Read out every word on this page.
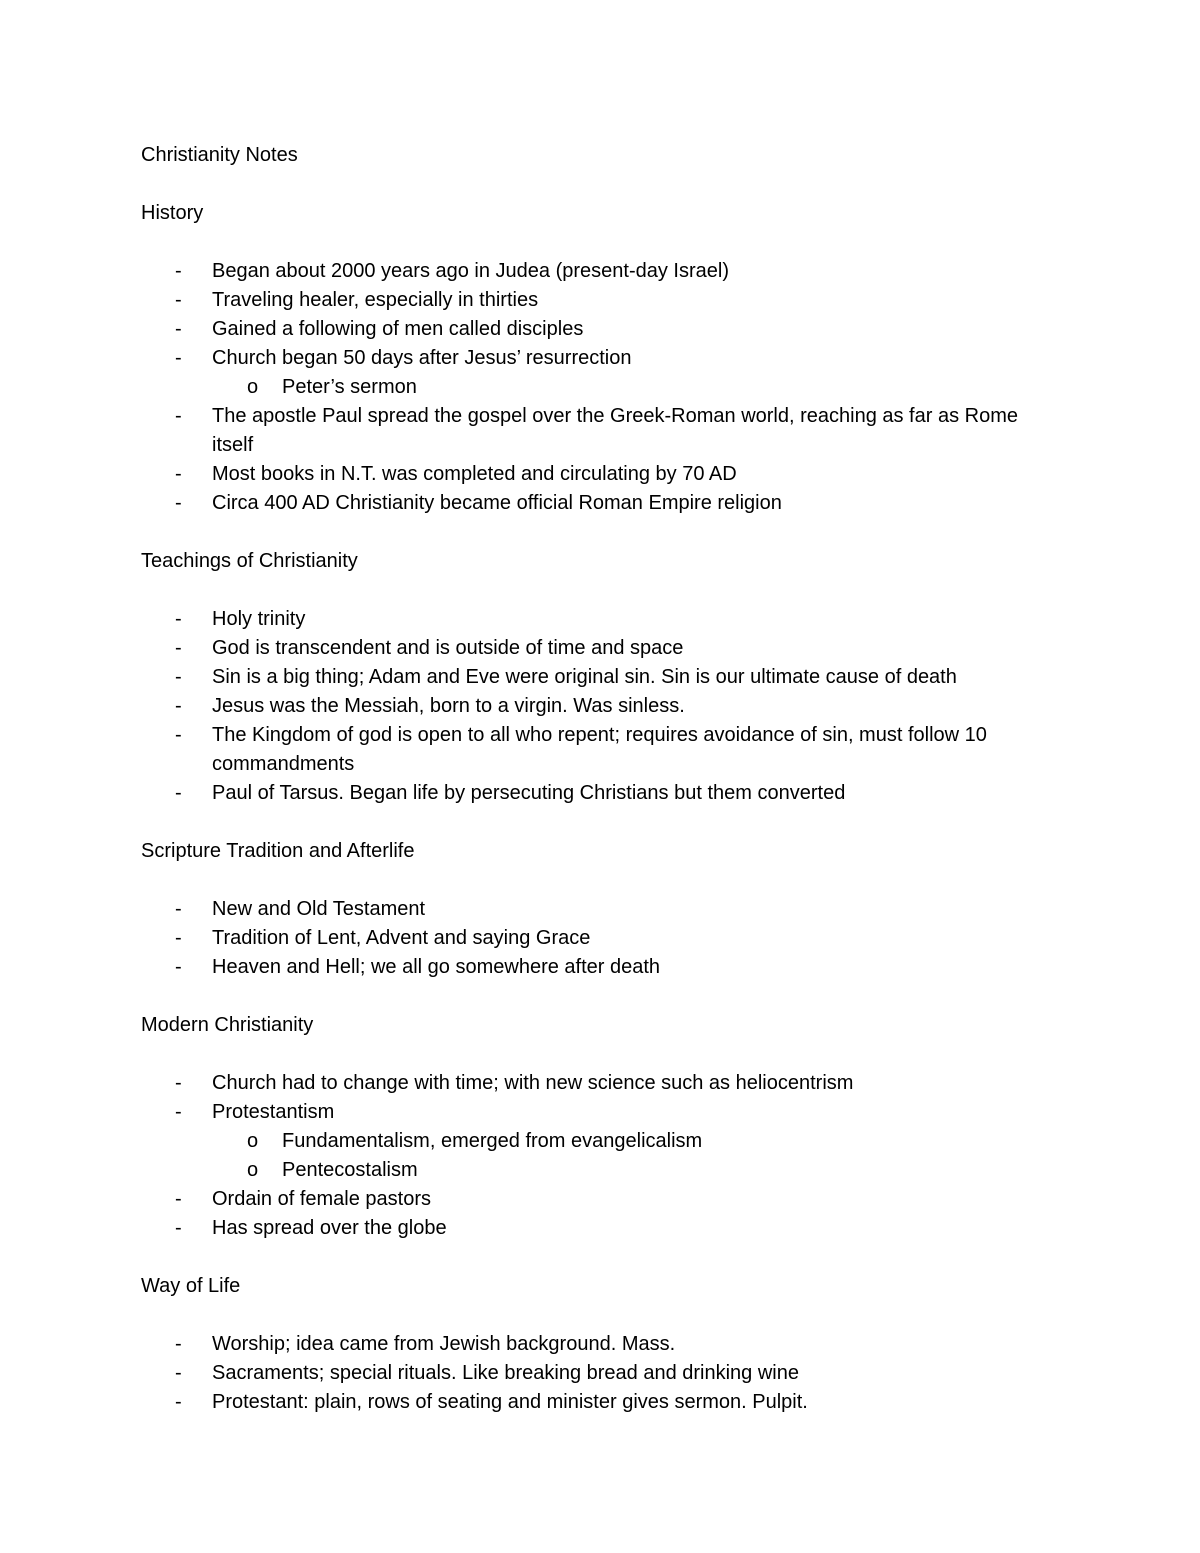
Christianity Notes

History

-	Began about 2000 years ago in Judea (present-day Israel)
-	Traveling healer, especially in thirties
-	Gained a following of men called disciples
-	Church began 50 days after Jesus’ resurrection
o	Peter’s sermon
-	The apostle Paul spread the gospel over the Greek-Roman world, reaching as far as Rome itself
-	Most books in N.T. was completed and circulating by 70 AD
-	Circa 400 AD Christianity became official Roman Empire religion

Teachings of Christianity

-	Holy trinity
-	God is transcendent and is outside of time and space
-	Sin is a big thing; Adam and Eve were original sin. Sin is our ultimate cause of death
-	Jesus was the Messiah, born to a virgin. Was sinless.
-	The Kingdom of god is open to all who repent; requires avoidance of sin, must follow 10 commandments
-	Paul of Tarsus. Began life by persecuting Christians but them converted

Scripture Tradition and Afterlife

-	New and Old Testament
-	Tradition of Lent, Advent and saying Grace
-	Heaven and Hell; we all go somewhere after death

Modern Christianity

-	Church had to change with time; with new science such as heliocentrism
-	Protestantism
o	Fundamentalism, emerged from evangelicalism
o	Pentecostalism
-	Ordain of female pastors
-	Has spread over the globe

Way of Life

-	Worship; idea came from Jewish background. Mass.
-	Sacraments; special rituals. Like breaking bread and drinking wine
-	Protestant: plain, rows of seating and minister gives sermon. Pulpit.
